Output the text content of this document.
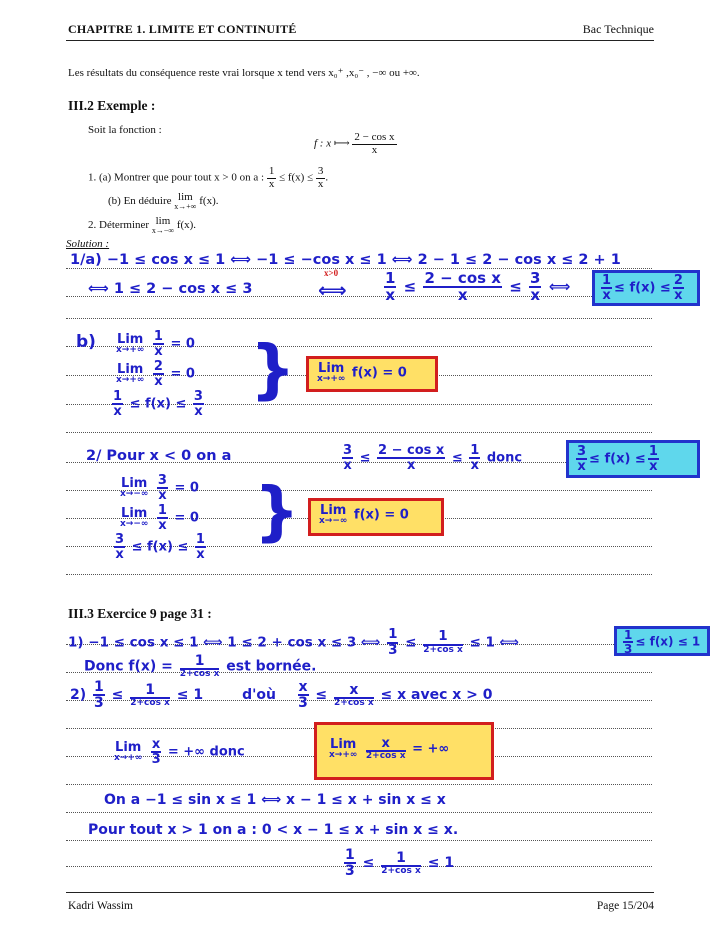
CHAPITRE 1. LIMITE ET CONTINUITÉ	Bac Technique
Les résultats du conséquence reste vrai lorsque x tend vers x₀⁺ ,x₀⁻ , −∞ ou +∞.
III.2 Exemple :
Soit la fonction :
f : x ⟼ $\frac{\text{2 − cos x}}{x}$
1. (a) Montrer que pour tout x > 0 on a : $\frac{1}{x} \le f(x) \le \frac{3}{x}$ .
(b) En déduire lim
x→+∞ f(x).
2. Déterminer lim
x→−∞ f(x).
Solution :
1/a) −1 ≤ cos x ≤ 1 ⟺ −1 ≤ −cos x ≤ 1 ⟺ 2 − 1 ≤ 2 − cos x ≤ 2 + 1
⟺ 1 ≤ 2 − cos x ≤ 3
x>0
⟺ $\frac{1}{x} \le \frac{\text{2 − cos x}}{x} \le \frac{3}{x}$ ⟺ $\frac{1}{x} \le f(x) \le \frac{2}{x}$
b) Lim
x→+∞
$\frac{1}{x} = 0$
Lim
x→+∞
$\frac{2}{x} = 0$
$\frac{1}{x} \le f(x) \le \frac{3}{x}$ } Lim
x→+∞ f(x) = 0
2/ Pour x < 0 on a	$\frac{3}{x} \le \frac{\text{2 − cos x}}{x} \le \frac{1}{x}$ donc	$\frac{3}{x} \le f(x) \le \frac{1}{x}$
Lim
x→−∞
$\frac{3}{x} = 0$
Lim
x→−∞
$\frac{1}{x} = 0$
$\frac{3}{x} \le f(x) \le \frac{1}{x}$ } Lim
x→−∞ f(x) = 0
III.3 Exercice 9 page 31 :
1) −1 ≤ cos x ≤ 1 ⟺ 1 ≤ 2 + cos x ≤ 3 ⟺ $\frac{1}{3}$ ≤	1
2+cos x ≤ 1 ⟺	$\frac{1}{3} \le f(x) \le 1$
Donc f(x) =	1
2+cos x est bornée.
$2) \frac{1}{3}$ ≤	1
2+cos x ≤ 1	d'où $\frac{x}{3}$ ≤	x
2+cos x ≤ x avec x > 0
Lim
x→+∞
$\frac{x}{3}$ = +∞ donc	Lim
x→+∞

x
2+cos x = +∞
On a −1 ≤ sin x ≤ 1 ⟺ x − 1 ≤ x + sin x ≤ x
Pour tout x > 1 on a : 0 < x − 1 ≤ x + sin x ≤ x.
$\frac{1}{3}$ ≤	1
2+cos x ≤ 1
Kadri Wassim	Page 15/204
